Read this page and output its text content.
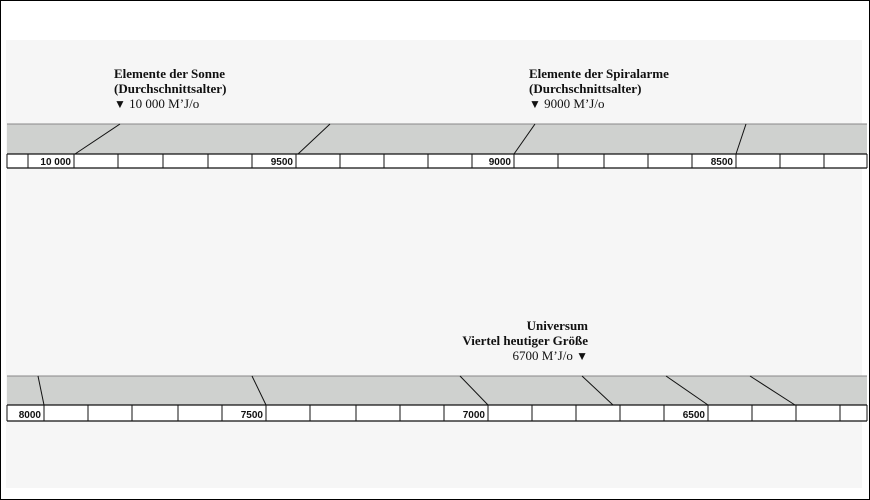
10 000	9500	9000	8500
8000	7500	7000	6500
Elemente der Sonne
(Durchschnittsalter)
▼ 10 000 M’J/o
Elemente der Spiralarme
(Durchschnittsalter)
▼ 9000 M’J/o
Universum
Viertel heutiger Größe
6700 M’J/o ▼
